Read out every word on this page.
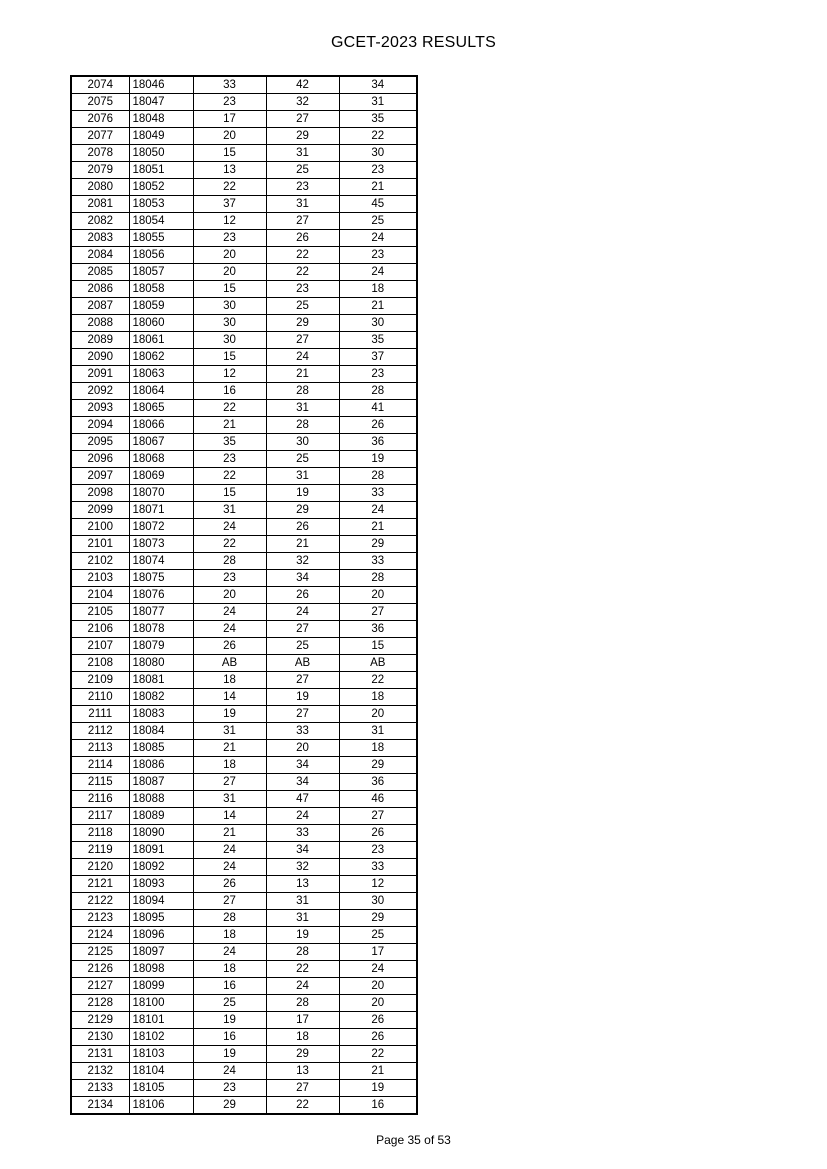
GCET-2023 RESULTS
2074	18046	33	42	34
2075	18047	23	32	31
2076	18048	17	27	35
2077	18049	20	29	22
2078	18050	15	31	30
2079	18051	13	25	23
2080	18052	22	23	21
2081	18053	37	31	45
2082	18054	12	27	25
2083	18055	23	26	24
2084	18056	20	22	23
2085	18057	20	22	24
2086	18058	15	23	18
2087	18059	30	25	21
2088	18060	30	29	30
2089	18061	30	27	35
2090	18062	15	24	37
2091	18063	12	21	23
2092	18064	16	28	28
2093	18065	22	31	41
2094	18066	21	28	26
2095	18067	35	30	36
2096	18068	23	25	19
2097	18069	22	31	28
2098	18070	15	19	33
2099	18071	31	29	24
2100	18072	24	26	21
2101	18073	22	21	29
2102	18074	28	32	33
2103	18075	23	34	28
2104	18076	20	26	20
2105	18077	24	24	27
2106	18078	24	27	36
2107	18079	26	25	15
2108	18080	AB	AB	AB
2109	18081	18	27	22
2110	18082	14	19	18
2111	18083	19	27	20
2112	18084	31	33	31
2113	18085	21	20	18
2114	18086	18	34	29
2115	18087	27	34	36
2116	18088	31	47	46
2117	18089	14	24	27
2118	18090	21	33	26
2119	18091	24	34	23
2120	18092	24	32	33
2121	18093	26	13	12
2122	18094	27	31	30
2123	18095	28	31	29
2124	18096	18	19	25
2125	18097	24	28	17
2126	18098	18	22	24
2127	18099	16	24	20
2128	18100	25	28	20
2129	18101	19	17	26
2130	18102	16	18	26
2131	18103	19	29	22
2132	18104	24	13	21
2133	18105	23	27	19
2134	18106	29	22	16
Page 35 of 53
